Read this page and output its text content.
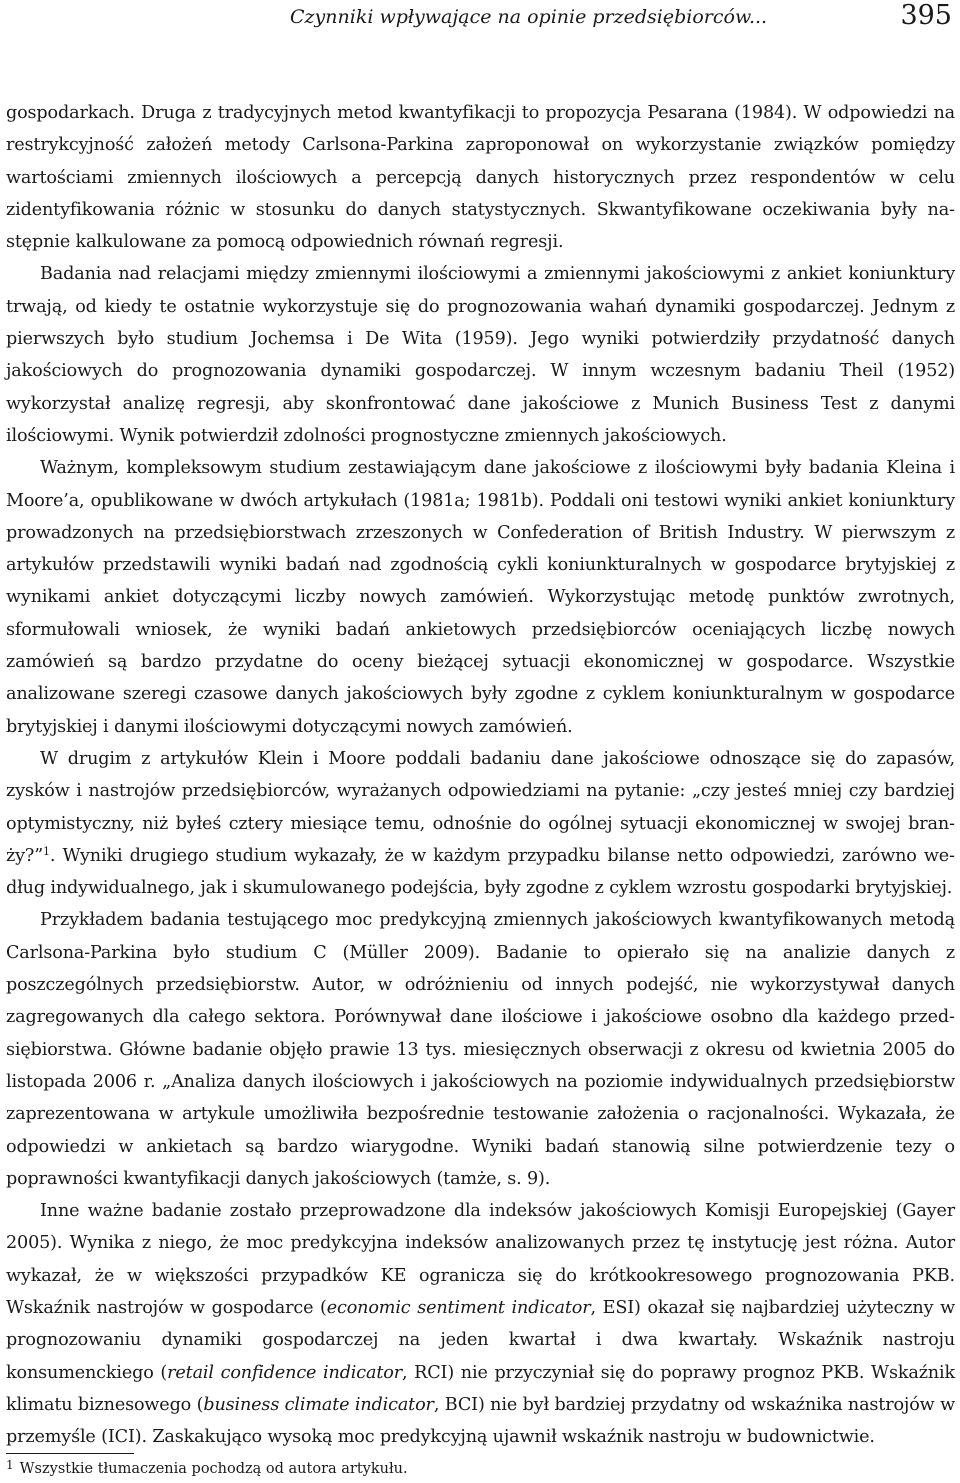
Czynniki wpływające na opinie przedsiębiorców...	395

gospodarkach. Druga z tradycyjnych metod kwantyfikacji to propozycja Pesarana (1984). W odpowiedzi na restrykcyjność założeń metody Carlsona-Parkina zaproponował on wykorzystanie związków pomiędzy wartościami zmiennych ilościowych a percepcją danych historycznych przez respondentów w celu zidentyfikowania różnic w stosunku do danych statystycznych. Skwantyfikowane oczekiwania były następnie kalkulowane za pomocą odpowiednich równań regresji.

Badania nad relacjami między zmiennymi ilościowymi a zmiennymi jakościowymi z ankiet koniunktury trwają, od kiedy te ostatnie wykorzystuje się do prognozowania wahań dynamiki gospodarczej. Jednym z pierwszych było studium Jochemsa i De Wita (1959). Jego wyniki potwierdziły przydatność danych jakościowych do prognozowania dynamiki gospodarczej. W innym wczesnym badaniu Theil (1952) wykorzystał analizę regresji, aby skonfrontować dane jakościowe z Munich Business Test z danymi ilościowymi. Wynik potwierdził zdolności prognostyczne zmiennych jakościowych.

Ważnym, kompleksowym studium zestawiającym dane jakościowe z ilościowymi były badania Kleina i Moore’a, opublikowane w dwóch artykułach (1981a; 1981b). Poddali oni testowi wyniki ankiet koniunktury prowadzonych na przedsiębiorstwach zrzeszonych w Confederation of British Industry. W pierwszym z artykułów przedstawili wyniki badań nad zgodnością cykli koniunkturalnych w gospodarce brytyjskiej z wynikami ankiet dotyczącymi liczby nowych zamówień. Wykorzystując metodę punktów zwrotnych, sformułowali wniosek, że wyniki badań ankietowych przedsiębiorców oceniających liczbę nowych zamówień są bardzo przydatne do oceny bieżącej sytuacji ekonomicznej w gospodarce. Wszystkie analizowane szeregi czasowe danych jakościowych były zgodne z cyklem koniunkturalnym w gospodarce brytyjskiej i danymi ilościowymi dotyczącymi nowych zamówień.

W drugim z artykułów Klein i Moore poddali badaniu dane jakościowe odnoszące się do zapasów, zysków i nastrojów przedsiębiorców, wyrażanych odpowiedziami na pytanie: „czy jesteś mniej czy bardziej optymistyczny, niż byłeś cztery miesiące temu, odnośnie do ogólnej sytuacji ekonomicznej w swojej branży?”$^1$. Wyniki drugiego studium wykazały, że w każdym przypadku bilanse netto odpowiedzi, zarówno według indywidualnego, jak i skumulowanego podejścia, były zgodne z cyklem wzrostu gospodarki brytyjskiej.

Przykładem badania testującego moc predykcyjną zmiennych jakościowych kwantyfikowanych metodą Carlsona-Parkina było studium C (Müller 2009). Badanie to opierało się na analizie danych z poszczególnych przedsiębiorstw. Autor, w odróżnieniu od innych podejść, nie wykorzystywał danych zagregowanych dla całego sektora. Porównywał dane ilościowe i jakościowe osobno dla każdego przedsiębiorstwa. Główne badanie objęło prawie 13 tys. miesięcznych obserwacji z okresu od kwietnia 2005 do listopada 2006 r. „Analiza danych ilościowych i jakościowych na poziomie indywidualnych przedsiębiorstw zaprezentowana w artykule umożliwiła bezpośrednie testowanie założenia o racjonalności. Wykazała, że odpowiedzi w ankietach są bardzo wiarygodne. Wyniki badań stanowią silne potwierdzenie tezy o poprawności kwantyfikacji danych jakościowych (tamże, s. 9).

Inne ważne badanie zostało przeprowadzone dla indeksów jakościowych Komisji Europejskiej (Gayer 2005). Wynika z niego, że moc predykcyjna indeksów analizowanych przez tę instytucję jest różna. Autor wykazał, że w większości przypadków KE ogranicza się do krótkookresowego prognozowania PKB. Wskaźnik nastrojów w gospodarce (economic sentiment indicator, ESI) okazał się najbardziej użyteczny w prognozowaniu dynamiki gospodarczej na jeden kwartał i dwa kwartały. Wskaźnik nastroju konsumenckiego (retail confidence indicator, RCI) nie przyczyniał się do poprawy prognoz PKB. Wskaźnik klimatu biznesowego (business climate indicator, BCI) nie był bardziej przydatny od wskaźnika nastrojów w przemyśle (ICI). Zaskakująco wysoką moc predykcyjną ujawnił wskaźnik nastroju w budownictwie.

$^1$ Wszystkie tłumaczenia pochodzą od autora artykułu.
